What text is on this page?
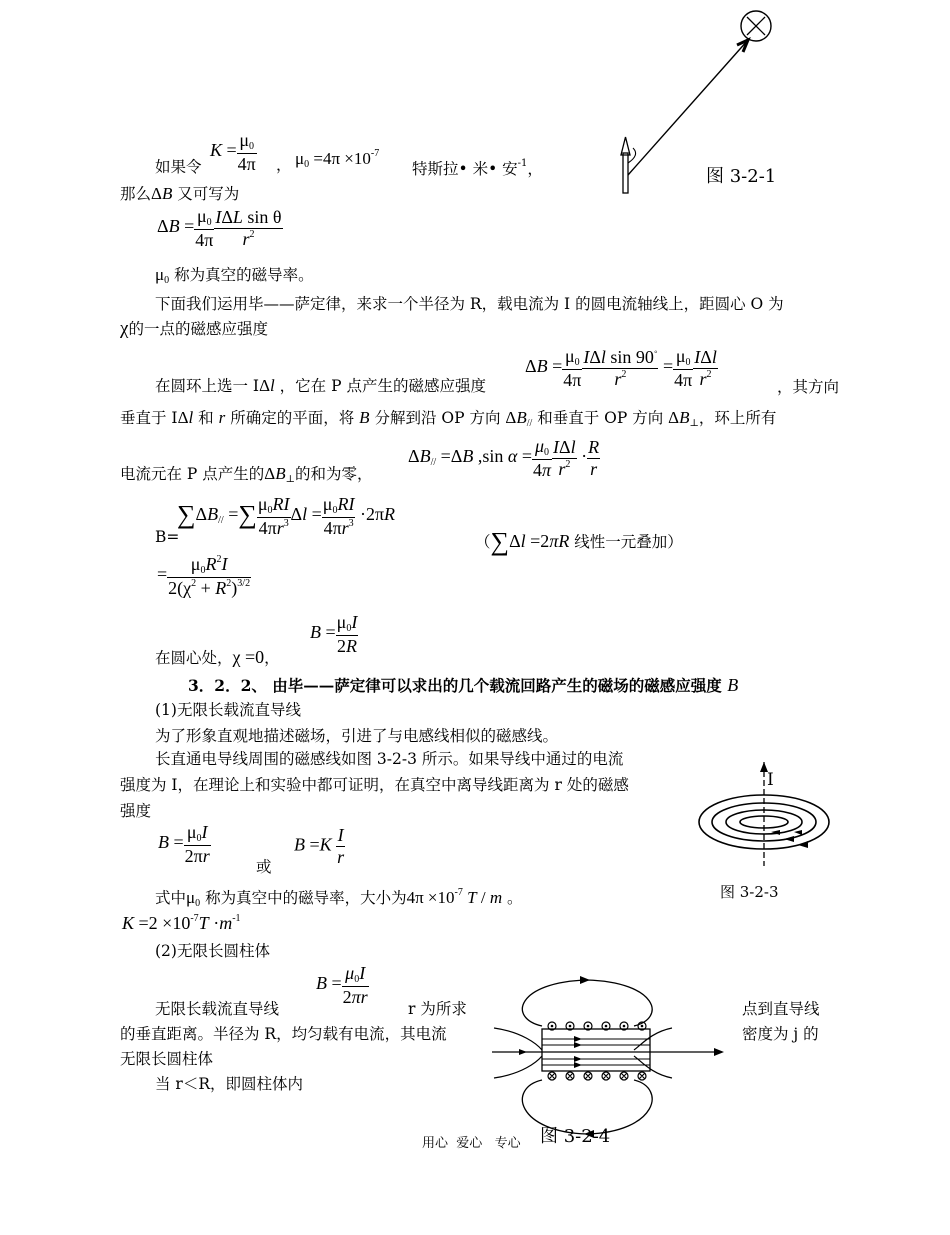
图 3-2-1
如果令
$K = \frac{\mu_0}{4\pi}$ ， $\mu_0 =4\pi \times 10^{-7}$
特斯拉• 米• 安$^{-1}$，
那么ΔB 又可写为
$\Delta B = \frac{\mu_0}{4\pi} \frac{\text{IΔL sin θ}}{r^2}$
$\mu_0$ 称为真空的磁导率。
下面我们运用毕——萨定律，来求一个半径为 R，载电流为 I 的圆电流轴线上，距圆心 O 为
χ的一点的磁感应强度
$\Delta B = \frac{\mu_0}{4\pi} \frac{I\Delta l \sin 90^◦}{r^2} = \frac{\mu_0}{4\pi} \frac{\text{IΔl}}{r^2}$
在圆环上选一 IΔl ，它在 P 点产生的磁感应强度	，其方向
垂直于 IΔl 和 r 所确定的平面，将 B 分解到沿 OP 方向 $\Delta B_{//}$ 和垂直于 OP 方向 $\Delta B_\perp$，环上所有
$\Delta B_{//} =\Delta B$ ,sin $\alpha = \frac{\mu_0}{4\pi} \frac{\text{IΔl}}{r^2} \cdot \frac{R}{r}$
电流元在 P 点产生的$\Delta B_\perp$的和为零，
B=
$\sum\Delta B_{//}$ =∑ $\frac{\mu_0RI}{4\pi r^3}$ $\Delta l = \frac{\mu_0RI}{4\pi r^3} \cdot 2\pi R$
（∑Δl =2πR 线性一元叠加）
= $\frac{\mu_0R^2I}{2(\chi^2 + R^2)^{3/2}}$
在圆心处，χ =0，
$B = \frac{\mu_0I}{2R}$
3．2．2、 由毕——萨定律可以求出的几个载流回路产生的磁场的磁感应强度 B
(1)无限长载流直导线
为了形象直观地描述磁场，引进了与电感线相似的磁感线。
长直通电导线周围的磁感线如图 3-2-3 所示。如果导线中通过的电流
强度为 I，在理论上和实验中都可证明，在真空中离导线距离为 r 处的磁感
强度
$B = \frac{\mu_0I}{2\pi r}$
或
$B =K \frac{I}{r}$
式中$\mu_0$ 称为真空中的磁导率，大小为$4\pi \times 10^{-7}$ T / m 。
$K =2 \times 10^{-7}T \cdot m^{-1}$
I
图 3-2-3
(2)无限长圆柱体
$B = \frac{\mu_0I}{2\pi r}$
无限长载流直导线	r 为所求	点到直导线
的垂直距离。半径为 R，均匀载有电流，其电流	密度为 j 的
无限长圆柱体
当 r＜R，即圆柱体内
图 3-2-4
用心  爱心   专心
